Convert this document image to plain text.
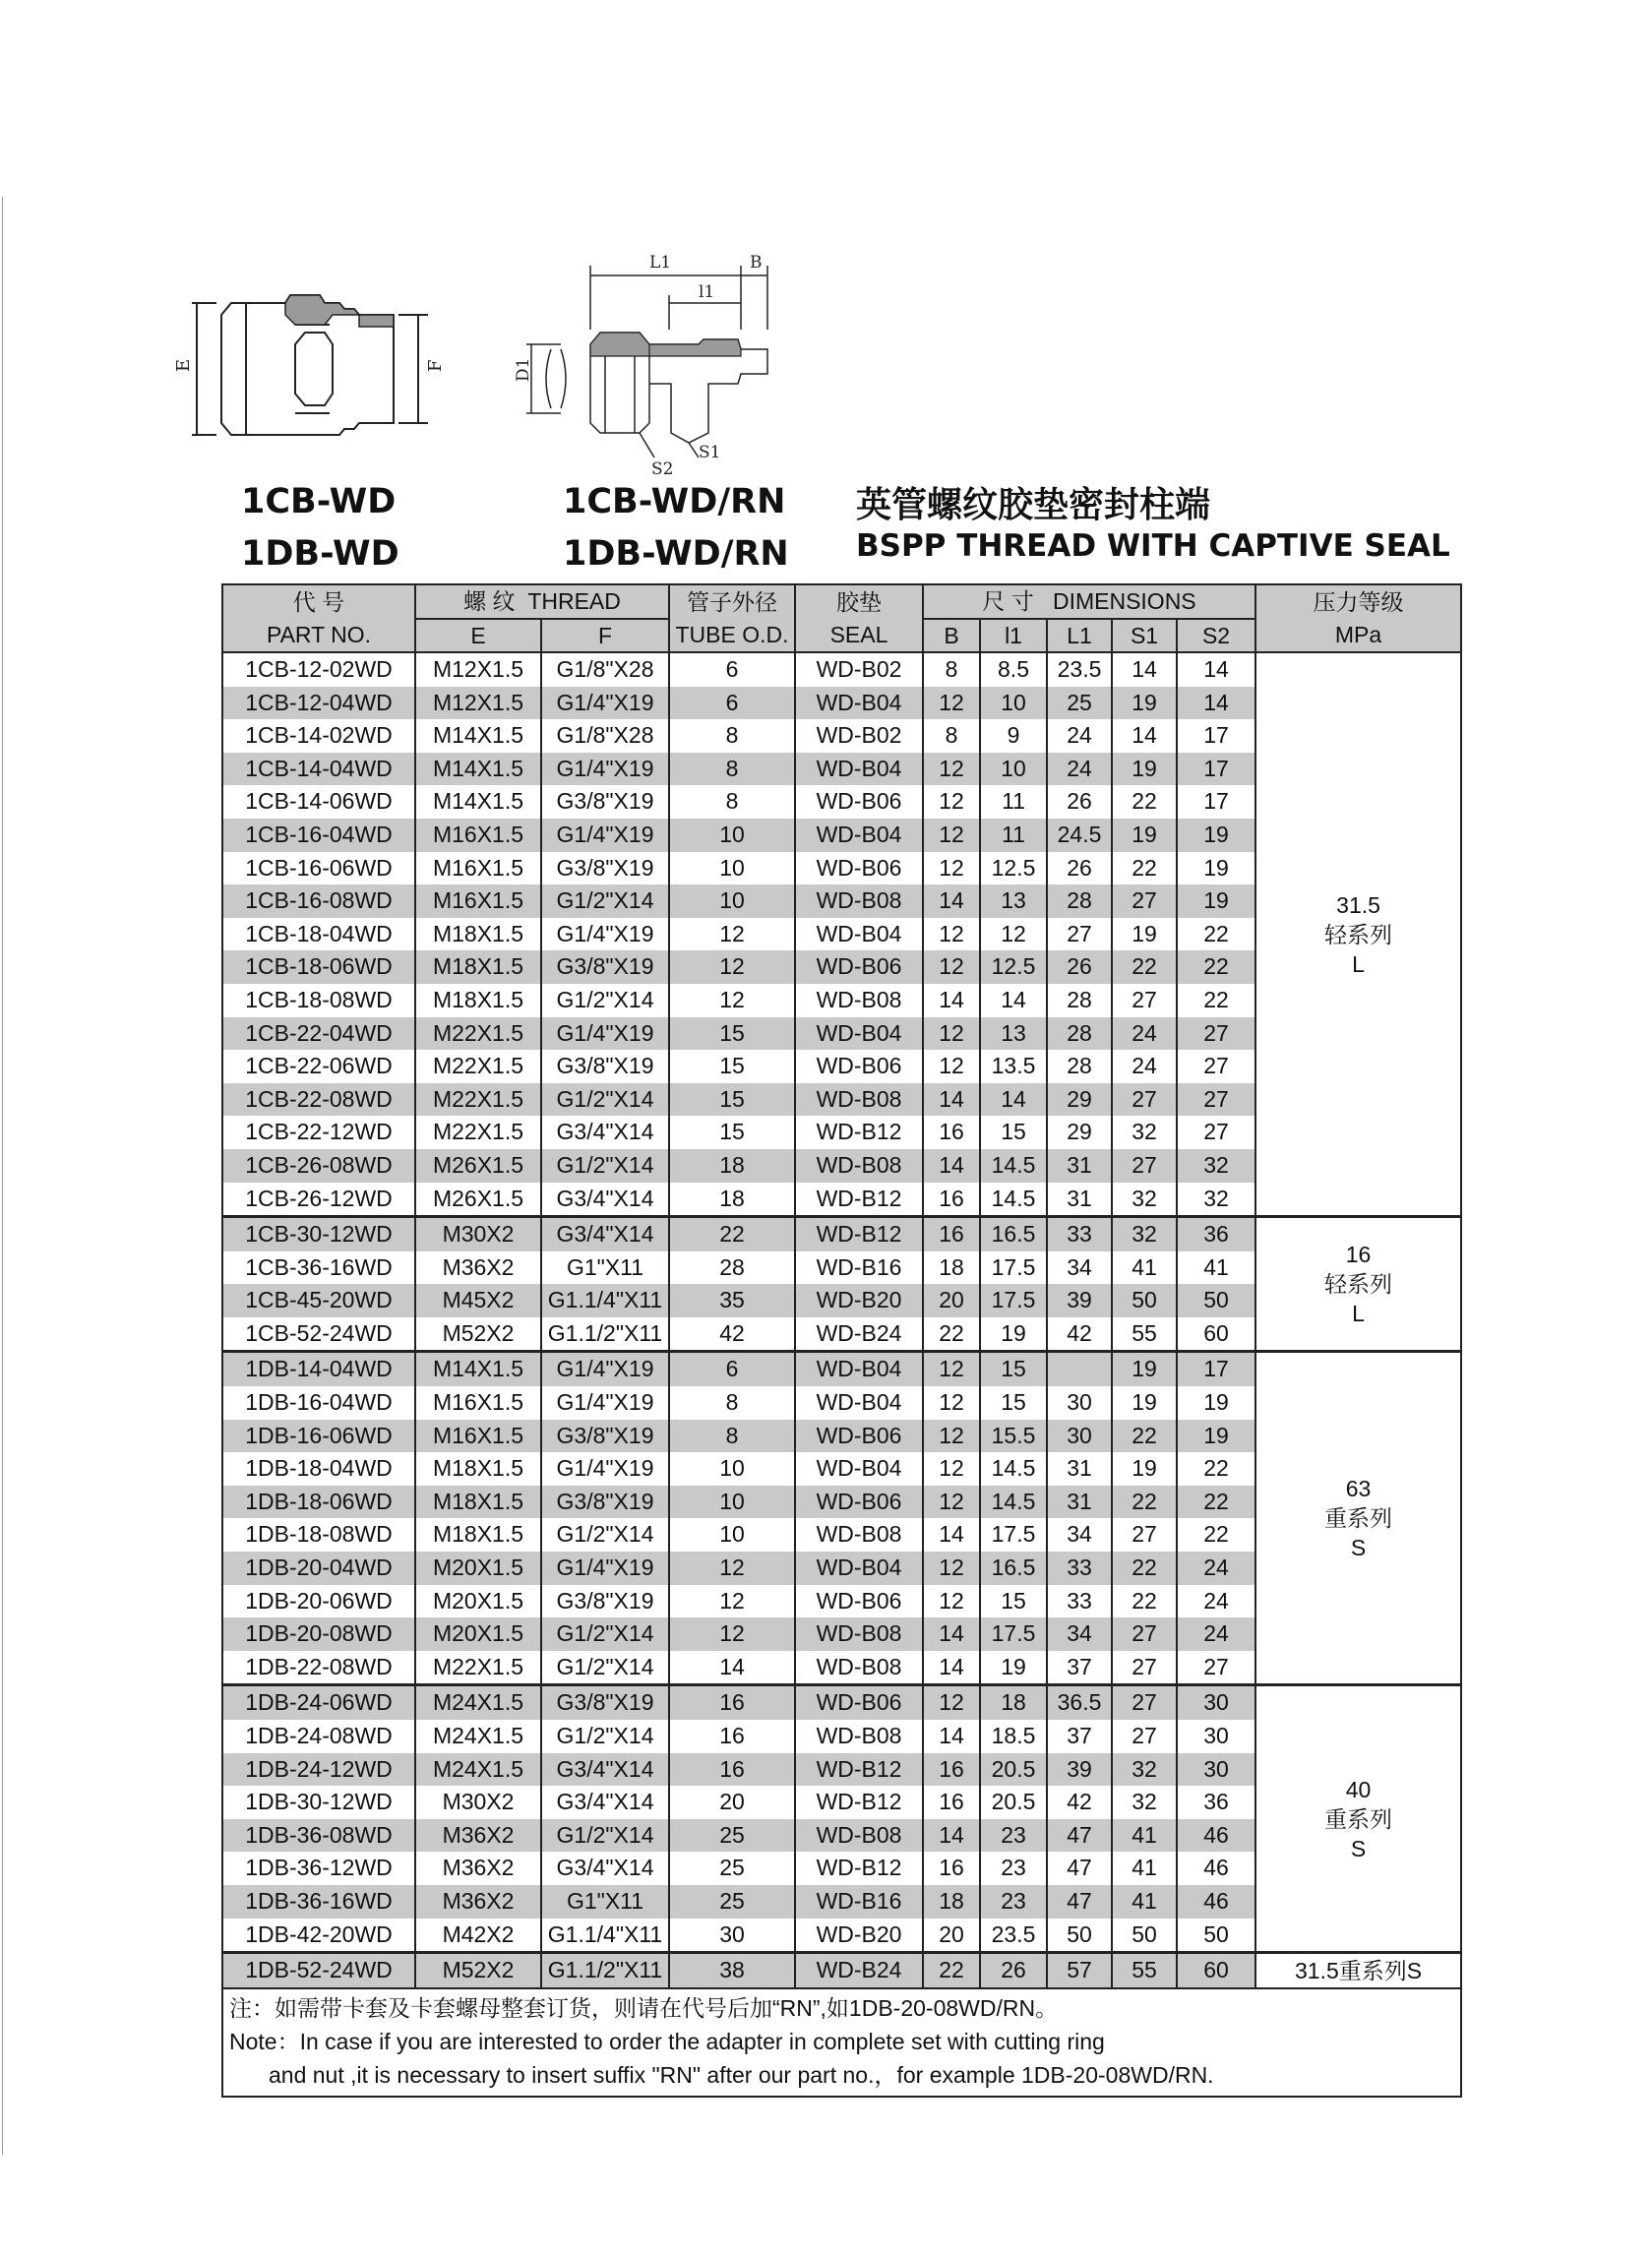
E	F
L1	B
l1
D1
S2
S1
1CB-WD
1DB-WD
1CB-WD/RN
1DB-WD/RN
英管螺纹胶垫密封柱端
BSPP THREAD WITH CAPTIVE SEAL
代 号	螺 纹 THREAD		管子外径	胶垫	尺 寸 DIMENSIONS					压力等级
PART NO.	E	F	TUBE O.D.	SEAL	B	l1	L1	S1	S2	MPa
1CB-12-02WD	M12X1.5	G1/8"X28	6	WD-B02	8	8.5	23.5	14	14	31.5
轻系列
L

1CB-12-04WD	M12X1.5	G1/4"X19	6	WD-B04	12	10	25	19	14	
1CB-14-02WD	M14X1.5	G1/8"X28	8	WD-B02	8	9	24	14	17	
1CB-14-04WD	M14X1.5	G1/4"X19	8	WD-B04	12	10	24	19	17	
1CB-14-06WD	M14X1.5	G3/8"X19	8	WD-B06	12	11	26	22	17	
1CB-16-04WD	M16X1.5	G1/4"X19	10	WD-B04	12	11	24.5	19	19	
1CB-16-06WD	M16X1.5	G3/8"X19	10	WD-B06	12	12.5	26	22	19	
1CB-16-08WD	M16X1.5	G1/2"X14	10	WD-B08	14	13	28	27	19	
1CB-18-04WD	M18X1.5	G1/4"X19	12	WD-B04	12	12	27	19	22	
1CB-18-06WD	M18X1.5	G3/8"X19	12	WD-B06	12	12.5	26	22	22	
1CB-18-08WD	M18X1.5	G1/2"X14	12	WD-B08	14	14	28	27	22	
1CB-22-04WD	M22X1.5	G1/4"X19	15	WD-B04	12	13	28	24	27	
1CB-22-06WD	M22X1.5	G3/8"X19	15	WD-B06	12	13.5	28	24	27	
1CB-22-08WD	M22X1.5	G1/2"X14	15	WD-B08	14	14	29	27	27	
1CB-22-12WD	M22X1.5	G3/4"X14	15	WD-B12	16	15	29	32	27	
1CB-26-08WD	M26X1.5	G1/2"X14	18	WD-B08	14	14.5	31	27	32	
1CB-26-12WD	M26X1.5	G3/4"X14	18	WD-B12	16	14.5	31	32	32	
1CB-30-12WD	M30X2	G3/4"X14	22	WD-B12	16	16.5	33	32	36	16
轻系列
L

1CB-36-16WD	M36X2	G1"X11	28	WD-B16	18	17.5	34	41	41	
1CB-45-20WD	M45X2	G1.1/4"X11	35	WD-B20	20	17.5	39	50	50	
1CB-52-24WD	M52X2	G1.1/2"X11	42	WD-B24	22	19	42	55	60	
1DB-14-04WD	M14X1.5	G1/4"X19	6	WD-B04	12	15		19	17	63
重系列
S

1DB-16-04WD	M16X1.5	G1/4"X19	8	WD-B04	12	15	30	19	19	
1DB-16-06WD	M16X1.5	G3/8"X19	8	WD-B06	12	15.5	30	22	19	
1DB-18-04WD	M18X1.5	G1/4"X19	10	WD-B04	12	14.5	31	19	22	
1DB-18-06WD	M18X1.5	G3/8"X19	10	WD-B06	12	14.5	31	22	22	
1DB-18-08WD	M18X1.5	G1/2"X14	10	WD-B08	14	17.5	34	27	22	
1DB-20-04WD	M20X1.5	G1/4"X19	12	WD-B04	12	16.5	33	22	24	
1DB-20-06WD	M20X1.5	G3/8"X19	12	WD-B06	12	15	33	22	24	
1DB-20-08WD	M20X1.5	G1/2"X14	12	WD-B08	14	17.5	34	27	24	
1DB-22-08WD	M22X1.5	G1/2"X14	14	WD-B08	14	19	37	27	27	
1DB-24-06WD	M24X1.5	G3/8"X19	16	WD-B06	12	18	36.5	27	30	40
重系列
S

1DB-24-08WD	M24X1.5	G1/2"X14	16	WD-B08	14	18.5	37	27	30	
1DB-24-12WD	M24X1.5	G3/4"X14	16	WD-B12	16	20.5	39	32	30	
1DB-30-12WD	M30X2	G3/4"X14	20	WD-B12	16	20.5	42	32	36	
1DB-36-08WD	M36X2	G1/2"X14	25	WD-B08	14	23	47	41	46	
1DB-36-12WD	M36X2	G3/4"X14	25	WD-B12	16	23	47	41	46	
1DB-36-16WD	M36X2	G1"X11	25	WD-B16	18	23	47	41	46	
1DB-42-20WD	M42X2	G1.1/4"X11	30	WD-B20	20	23.5	50	50	50	
1DB-52-24WD	M52X2	G1.1/2"X11	38	WD-B24	22	26	57	55	60	31.5重系列S

注：如需带卡套及卡套螺母整套订货，则请在代号后加“RN”,如1DB-20-08WD/RN。
Note：In case if you are interested to order the adapter in complete set with cutting ring
and nut ,it is necessary to insert suffix "RN" after our part no.，for example 1DB-20-08WD/RN.										
